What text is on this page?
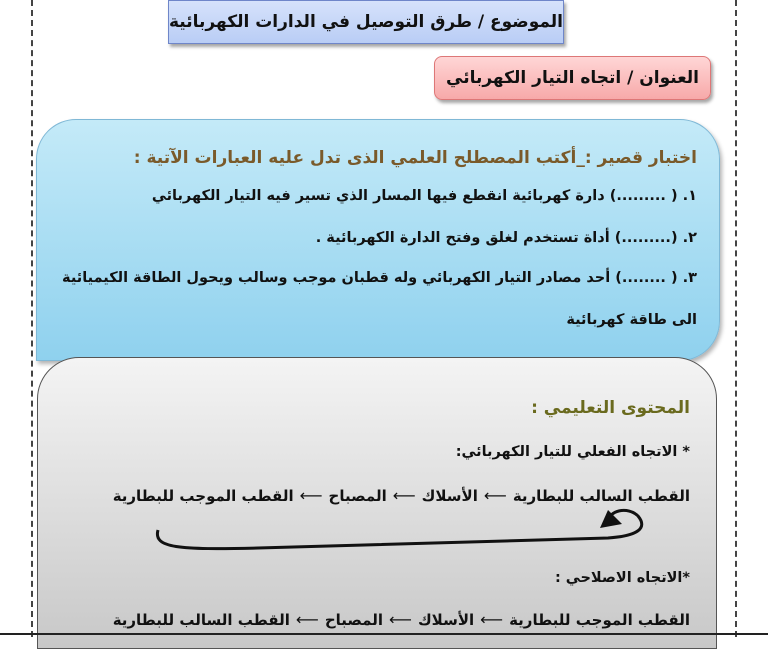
الموضوع / طرق التوصيل في الدارات الكهربائية
العنوان / اتجاه التيار الكهربائي
اختبار قصير :_أكتب المصطلح العلمي الذى تدل عليه العبارات الآتية :
١. ( .........) دارة كهربائية انقطع فيها المسار الذي تسير فيه التيار الكهربائي
٢. (.........) أداة تستخدم لغلق وفتح الدارة الكهربائية .
٣. ( ........) أحد مصادر التيار الكهربائي وله قطبان موجب وسالب ويحول الطاقة الكيميائية
الى طاقة كهربائية
المحتوى التعليمي :
* الاتجاه الفعلي للتيار الكهربائي:
القطب السالب للبطارية
⟵
الأسلاك
⟵
المصباح
⟵
القطب الموجب للبطارية
*الاتجاه الاصلاحي :
القطب الموجب للبطارية
⟵
الأسلاك
⟵
المصباح
⟵
القطب السالب للبطارية
